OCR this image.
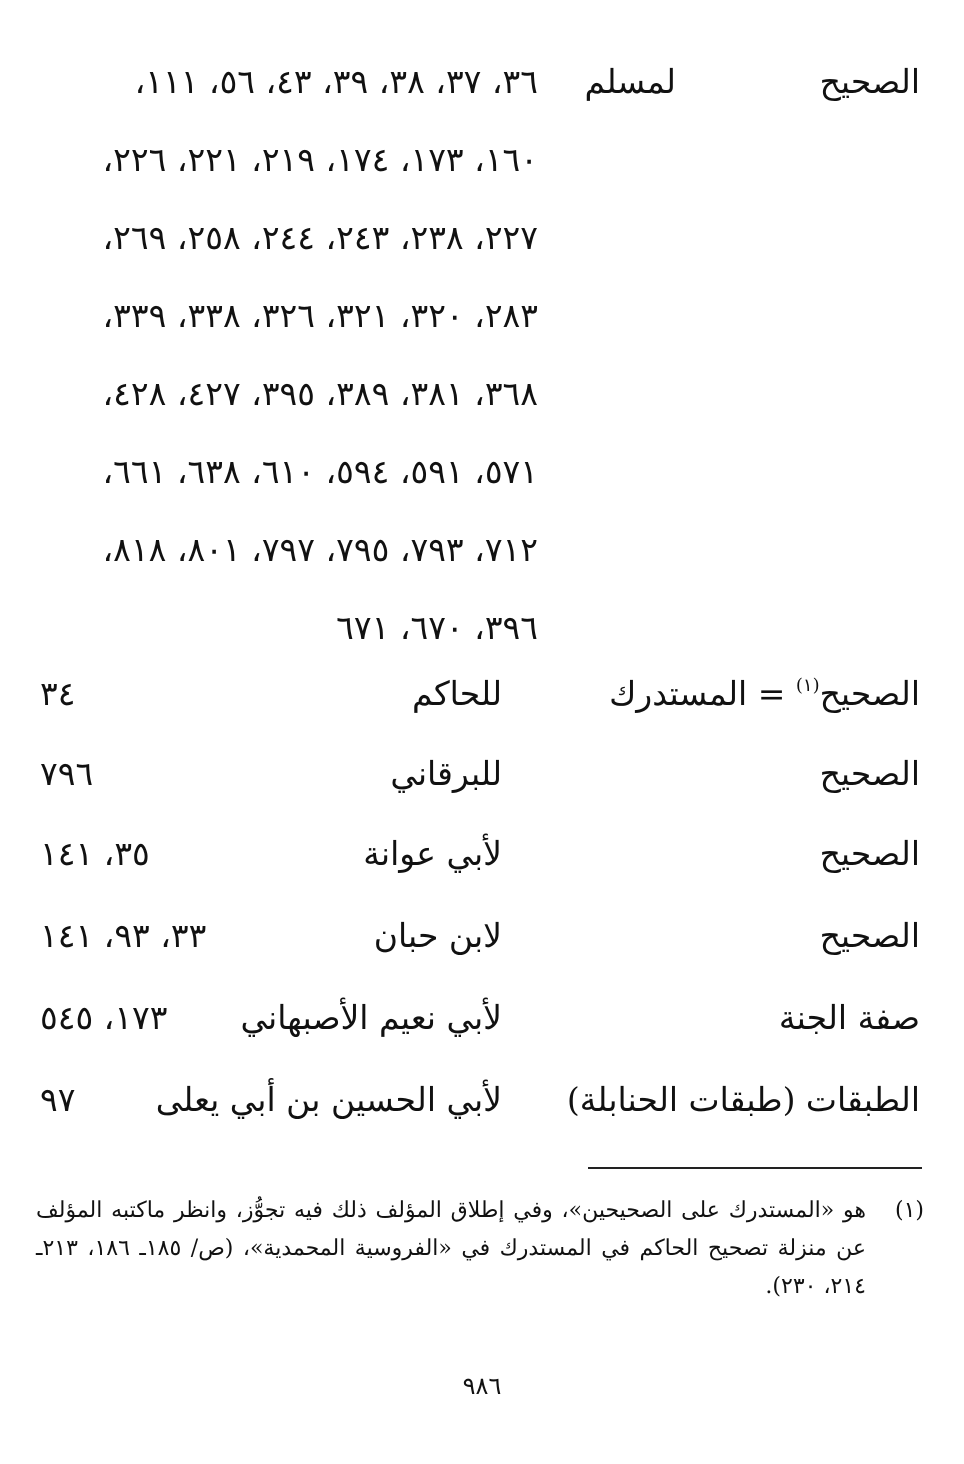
الصحيح
لمسلم
٣٦، ٣٧، ٣٨، ٣٩، ٤٣، ٥٦، ١١١،
١٦٠، ١٧٣، ١٧٤، ٢١٩، ٢٢١، ٢٢٦،
٢٢٧، ٢٣٨، ٢٤٣، ٢٤٤، ٢٥٨، ٢٦٩،
٢٨٣، ٣٢٠، ٣٢١، ٣٢٦، ٣٣٨، ٣٣٩،
٣٦٨، ٣٨١، ٣٨٩، ٣٩٥، ٤٢٧، ٤٢٨،
٥٧١، ٥٩١، ٥٩٤، ٦١٠، ٦٣٨، ٦٦١،
٧١٢، ٧٩٣، ٧٩٥، ٧٩٧، ٨٠١، ٨١٨،
٣٩٦، ٦٧٠، ٦٧١
الصحيح$^{(١)}$ = المستدرك
للحاكم
٣٤
الصحيح
للبرقاني
٧٩٦
الصحيح
لأبي عوانة
٣٥، ١٤١
الصحيح
لابن حبان
٣٣، ٩٣، ١٤١
صفة الجنة
لأبي نعيم الأصبهاني
١٧٣، ٥٤٥
الطبقات (طبقات الحنابلة)
لأبي الحسين بن أبي يعلى
٩٧
(١)
هو «المستدرك على الصحيحين»، وفي إطلاق المؤلف ذلك فيه تجوُّز، وانظر ماكتبه المؤلف عن منزلة تصحيح الحاكم في المستدرك في «الفروسية المحمدية»، (ص/ ١٨٥ـ ١٨٦، ٢١٣ـ ٢١٤، ٢٣٠).
٩٨٦
